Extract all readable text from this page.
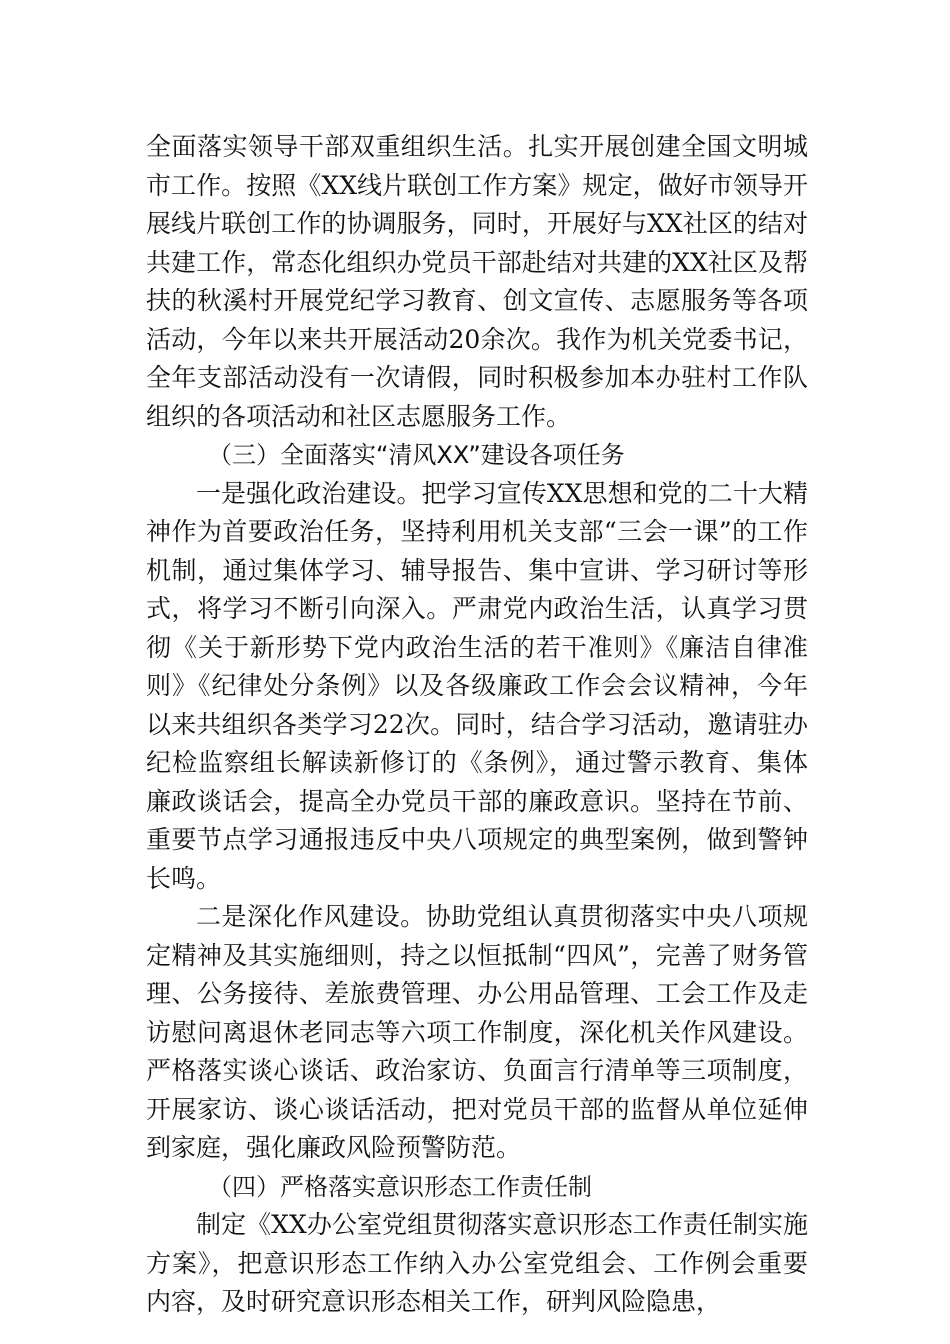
全面落实领导干部双重组织生活。扎实开展创建全国文明城市工作。按照《XX线片联创工作方案》规定，做好市领导开展线片联创工作的协调服务，同时，开展好与XX社区的结对共建工作，常态化组织办党员干部赴结对共建的XX社区及帮扶的秋溪村开展党纪学习教育、创文宣传、志愿服务等各项活动，今年以来共开展活动20余次。我作为机关党委书记，全年支部活动没有一次请假，同时积极参加本办驻村工作队组织的各项活动和社区志愿服务工作。

（三）全面落实“清风XX”建设各项任务

一是强化政治建设。把学习宣传XX思想和党的二十大精神作为首要政治任务，坚持利用机关支部“三会一课”的工作机制，通过集体学习、辅导报告、集中宣讲、学习研讨等形式，将学习不断引向深入。严肃党内政治生活，认真学习贯彻《关于新形势下党内政治生活的若干准则》《廉洁自律准则》《纪律处分条例》以及各级廉政工作会会议精神，今年以来共组织各类学习22次。同时，结合学习活动，邀请驻办纪检监察组长解读新修订的《条例》，通过警示教育、集体廉政谈话会，提高全办党员干部的廉政意识。坚持在节前、重要节点学习通报违反中央八项规定的典型案例，做到警钟长鸣。

二是深化作风建设。协助党组认真贯彻落实中央八项规定精神及其实施细则，持之以恒抵制“四风”，完善了财务管理、公务接待、差旅费管理、办公用品管理、工会工作及走访慰问离退休老同志等六项工作制度，深化机关作风建设。严格落实谈心谈话、政治家访、负面言行清单等三项制度，开展家访、谈心谈话活动，把对党员干部的监督从单位延伸到家庭，强化廉政风险预警防范。

（四）严格落实意识形态工作责任制

制定《XX办公室党组贯彻落实意识形态工作责任制实施方案》，把意识形态工作纳入办公室党组会、工作例会重要内容，及时研究意识形态相关工作，研判风险隐患，
